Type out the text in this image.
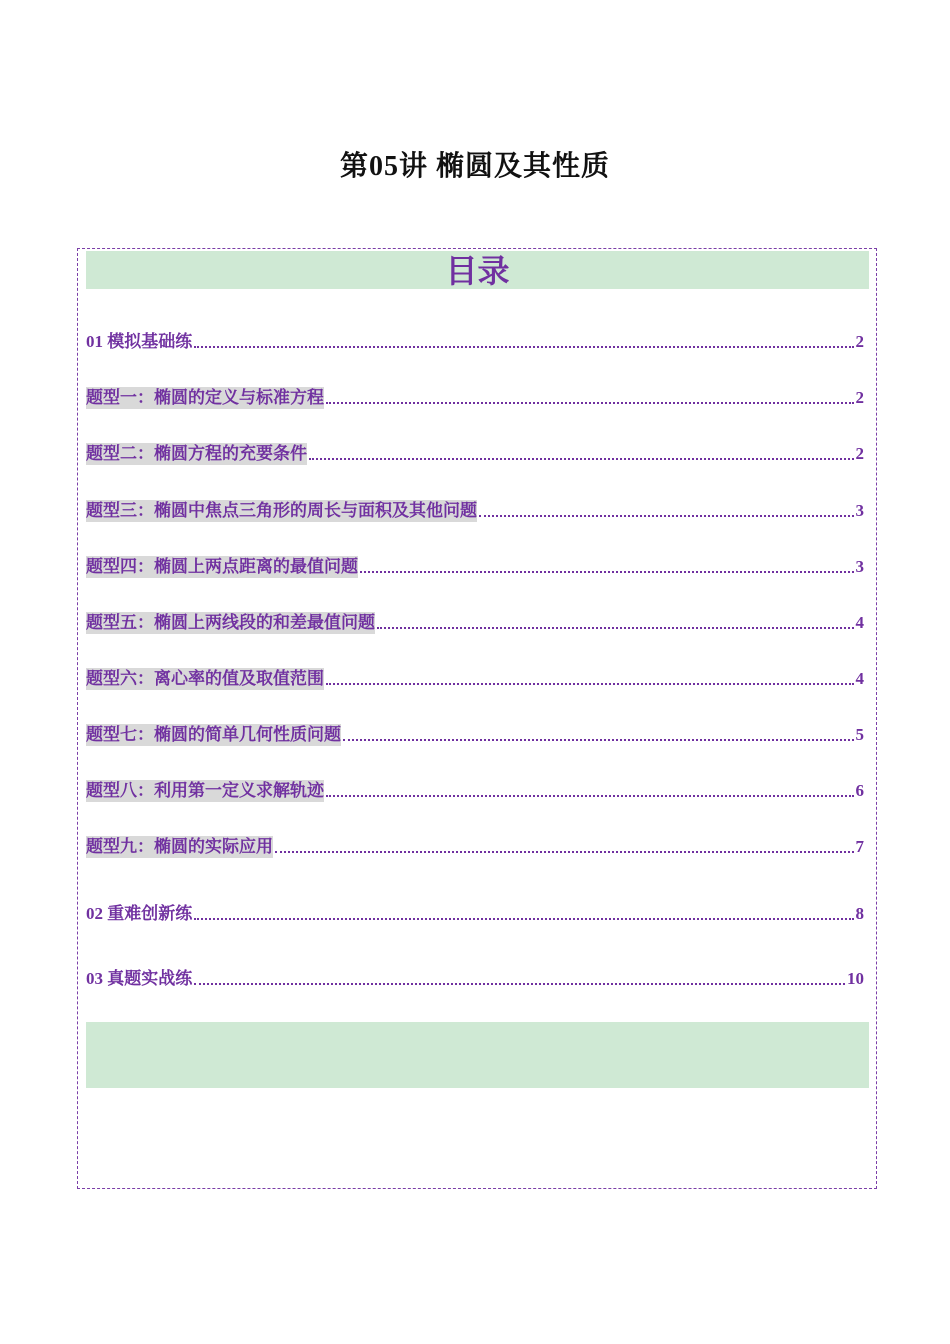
第05讲 椭圆及其性质
目录
01 模拟基础练	2
题型一：椭圆的定义与标准方程	2
题型二：椭圆方程的充要条件	2
题型三：椭圆中焦点三角形的周长与面积及其他问题	3
题型四：椭圆上两点距离的最值问题	3
题型五：椭圆上两线段的和差最值问题	4
题型六：离心率的值及取值范围	4
题型七：椭圆的简单几何性质问题	5
题型八：利用第一定义求解轨迹	6
题型九：椭圆的实际应用	7
02 重难创新练	8
03 真题实战练	10
